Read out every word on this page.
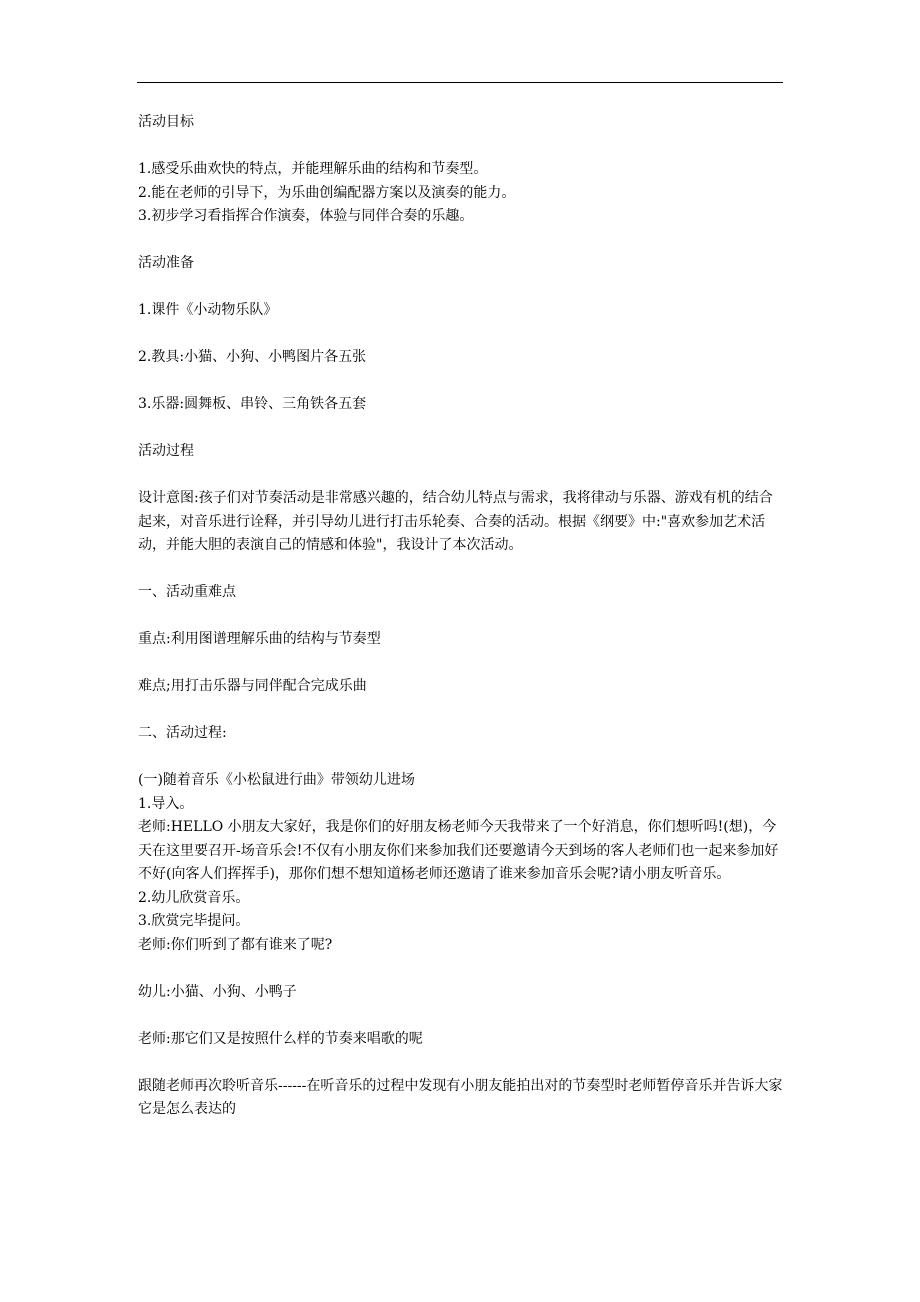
活动目标

1.感受乐曲欢快的特点，并能理解乐曲的结构和节奏型。

2.能在老师的引导下，为乐曲创编配器方案以及演奏的能力。

3.初步学习看指挥合作演奏，体验与同伴合奏的乐趣。

活动准备

1.课件《小动物乐队》

2.教具:小猫、小狗、小鸭图片各五张

3.乐器:圆舞板、串铃、三角铁各五套

活动过程

设计意图:孩子们对节奏活动是非常感兴趣的，结合幼儿特点与需求，我将律动与乐器、游戏有机的结合起来，对音乐进行诠释，并引导幼儿进行打击乐轮奏、合奏的活动。根据《纲要》中:"喜欢参加艺术活动，并能大胆的表演自己的情感和体验"，我设计了本次活动。

一、活动重难点

重点:利用图谱理解乐曲的结构与节奏型

难点;用打击乐器与同伴配合完成乐曲

二、活动过程:

(一)随着音乐《小松鼠进行曲》带领幼儿进场

1.导入。

老师:HELLO 小朋友大家好，我是你们的好朋友杨老师今天我带来了一个好消息，你们想听吗!(想)，今天在这里要召开-场音乐会!不仅有小朋友你们来参加我们还要邀请今天到场的客人老师们也一起来参加好不好(向客人们挥挥手)，那你们想不想知道杨老师还邀请了谁来参加音乐会呢?请小朋友听音乐。

2.幼儿欣赏音乐。

3.欣赏完毕提问。

老师:你们听到了都有谁来了呢?

幼儿:小猫、小狗、小鸭子

老师:那它们又是按照什么样的节奏来唱歌的呢

跟随老师再次聆听音乐------在听音乐的过程中发现有小朋友能拍出对的节奏型时老师暂停音乐并告诉大家它是怎么表达的
